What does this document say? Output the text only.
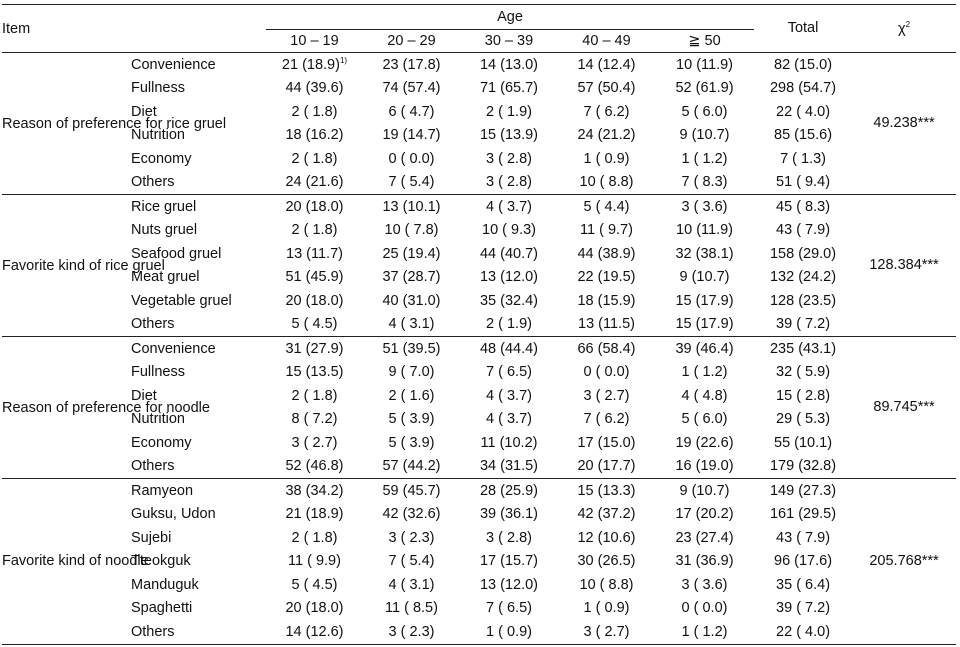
Item		Age					Total	$\chi^2$
		10 – 19	20 – 29	30 – 39	40 – 49	≧ 50		
Reason of preference for rice gruel	Convenience	21 $(18.9)^{1)}$	23 (17.8)	14 (13.0)	14 (12.4)	10 (11.9)	82 (15.0)	49.238***
	Fullness	44 (39.6)	74 (57.4)	71 (65.7)	57 (50.4)	52 (61.9)	298 (54.7)	
	Diet	2 ( 1.8)	6 ( 4.7)	2 ( 1.9)	7 ( 6.2)	5 ( 6.0)	22 ( 4.0)	
	Nutrition	18 (16.2)	19 (14.7)	15 (13.9)	24 (21.2)	9 (10.7)	85 (15.6)	
	Economy	2 ( 1.8)	0 ( 0.0)	3 ( 2.8)	1 ( 0.9)	1 ( 1.2)	7 ( 1.3)	
	Others	24 (21.6)	7 ( 5.4)	3 ( 2.8)	10 ( 8.8)	7 ( 8.3)	51 ( 9.4)	
Favorite kind of rice gruel	Rice gruel	20 (18.0)	13 (10.1)	4 ( 3.7)	5 ( 4.4)	3 ( 3.6)	45 ( 8.3)	128.384***
	Nuts gruel	2 ( 1.8)	10 ( 7.8)	10 ( 9.3)	11 ( 9.7)	10 (11.9)	43 ( 7.9)	
	Seafood gruel	13 (11.7)	25 (19.4)	44 (40.7)	44 (38.9)	32 (38.1)	158 (29.0)	
	Meat gruel	51 (45.9)	37 (28.7)	13 (12.0)	22 (19.5)	9 (10.7)	132 (24.2)	
	Vegetable gruel	20 (18.0)	40 (31.0)	35 (32.4)	18 (15.9)	15 (17.9)	128 (23.5)	
	Others	5 ( 4.5)	4 ( 3.1)	2 ( 1.9)	13 (11.5)	15 (17.9)	39 ( 7.2)	
Reason of preference for noodle	Convenience	31 (27.9)	51 (39.5)	48 (44.4)	66 (58.4)	39 (46.4)	235 (43.1)	89.745***
	Fullness	15 (13.5)	9 ( 7.0)	7 ( 6.5)	0 ( 0.0)	1 ( 1.2)	32 ( 5.9)	
	Diet	2 ( 1.8)	2 ( 1.6)	4 ( 3.7)	3 ( 2.7)	4 ( 4.8)	15 ( 2.8)	
	Nutrition	8 ( 7.2)	5 ( 3.9)	4 ( 3.7)	7 ( 6.2)	5 ( 6.0)	29 ( 5.3)	
	Economy	3 ( 2.7)	5 ( 3.9)	11 (10.2)	17 (15.0)	19 (22.6)	55 (10.1)	
	Others	52 (46.8)	57 (44.2)	34 (31.5)	20 (17.7)	16 (19.0)	179 (32.8)	
Favorite kind of noodle	Ramyeon	38 (34.2)	59 (45.7)	28 (25.9)	15 (13.3)	9 (10.7)	149 (27.3)	205.768***
	Guksu, Udon	21 (18.9)	42 (32.6)	39 (36.1)	42 (37.2)	17 (20.2)	161 (29.5)	
	Sujebi	2 ( 1.8)	3 ( 2.3)	3 ( 2.8)	12 (10.6)	23 (27.4)	43 ( 7.9)	
	Tteokguk	11 ( 9.9)	7 ( 5.4)	17 (15.7)	30 (26.5)	31 (36.9)	96 (17.6)	
	Manduguk	5 ( 4.5)	4 ( 3.1)	13 (12.0)	10 ( 8.8)	3 ( 3.6)	35 ( 6.4)	
	Spaghetti	20 (18.0)	11 ( 8.5)	7 ( 6.5)	1 ( 0.9)	0 ( 0.0)	39 ( 7.2)	
	Others	14 (12.6)	3 ( 2.3)	1 ( 0.9)	3 ( 2.7)	1 ( 1.2)	22 ( 4.0)	
